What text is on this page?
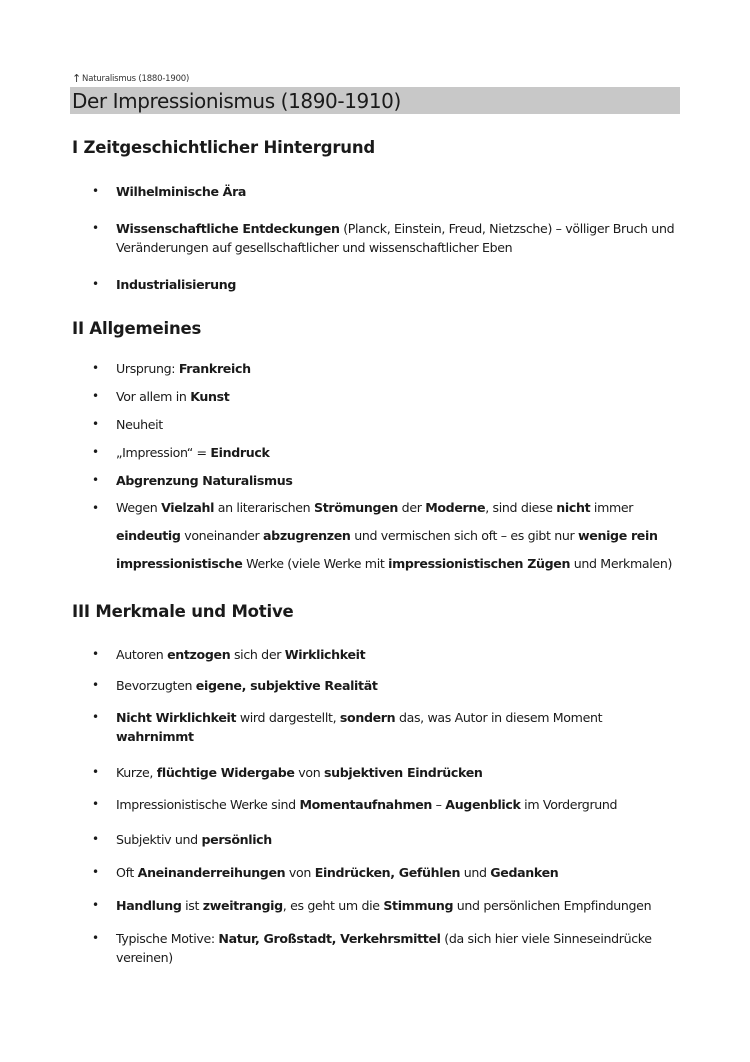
↑Naturalismus (1880-1900)
Der Impressionismus (1890-1910)
I Zeitgeschichtlicher Hintergrund
• Wilhelminische Ära
• Wissenschaftliche Entdeckungen (Planck, Einstein, Freud, Nietzsche) – völliger Bruch und Veränderungen auf gesellschaftlicher und wissenschaftlicher Eben
• Industrialisierung
II Allgemeines
• Ursprung: Frankreich
• Vor allem in Kunst
• Neuheit
• „Impression“ = Eindruck
• Abgrenzung Naturalismus
• Wegen Vielzahl an literarischen Strömungen der Moderne, sind diese nicht immer
eindeutig voneinander abzugrenzen und vermischen sich oft – es gibt nur wenige rein
impressionistische Werke (viele Werke mit impressionistischen Zügen und Merkmalen)
III Merkmale und Motive
• Autoren entzogen sich der Wirklichkeit
• Bevorzugten eigene, subjektive Realität
• Nicht Wirklichkeit wird dargestellt, sondern das, was Autor in diesem Moment
wahrnimmt
• Kurze, flüchtige Widergabe von subjektiven Eindrücken
• Impressionistische Werke sind Momentaufnahmen – Augenblick im Vordergrund
• Subjektiv und persönlich
• Oft Aneinanderreihungen von Eindrücken, Gefühlen und Gedanken
• Handlung ist zweitrangig, es geht um die Stimmung und persönlichen Empfindungen
• Typische Motive: Natur, Großstadt, Verkehrsmittel (da sich hier viele Sinneseindrücke vereinen)
